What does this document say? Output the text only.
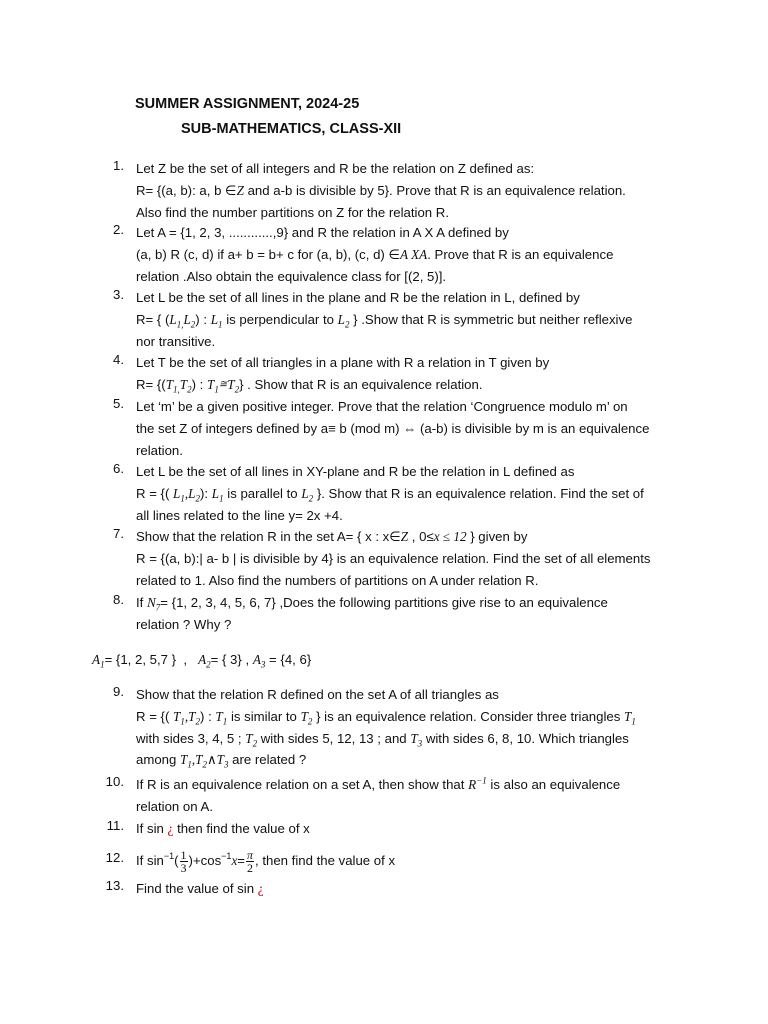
SUMMER ASSIGNMENT, 2024-25
SUB-MATHEMATICS, CLASS-XII
1. Let Z be the set of all integers and R be the relation on Z defined as:
R= {(a, b): a, b ∈Z and a-b is divisible by 5}. Prove that R is an equivalence relation.
Also find the number partitions on Z for the relation R.
2. Let A = {1, 2, 3, ............,9} and R the relation in A X A defined by
(a, b) R (c, d) if a+ b = b+ c for (a, b), (c, d) ∈A XA. Prove that R is an equivalence
relation .Also obtain the equivalence class for [(2, 5)].
3. Let L be the set of all lines in the plane and R be the relation in L, defined by
R= { $(L_{1,}L_2)$ : $L_1$ is perpendicular to $L_2$ } .Show that R is symmetric but neither reflexive
nor transitive.
4. Let T be the set of all triangles in a plane with R a relation in T given by
$R= \{(T_{1,}T_2)$ : $T_1≅T_2$} . Show that R is an equivalence relation.
5. Let ‘m’ be a given positive integer. Prove that the relation ‘Congruence modulo m’ on
the set Z of integers defined by a≡ b (mod m) ⇔ (a-b) is divisible by m is an equivalence
relation.
6. Let L be the set of all lines in XY-plane and R be the relation in L defined as
R = {( $L_1,L_2$): $L_1$ is parallel to $L_2$ }. Show that R is an equivalence relation. Find the set of
all lines related to the line y= 2x +4.
7. Show that the relation R in the set A= { x : x∈Z , 0≤x ≤ 12 } given by
R = {(a, b):| a- b | is divisible by 4} is an equivalence relation. Find the set of all elements
related to 1. Also find the numbers of partitions on A under relation R.
8. If $N_7= \{1$, 2, 3, 4, 5, 6, 7} ,Does the following partitions give rise to an equivalence
relation ? Why ?
$A_1= \{1$, 2, 5,7 } , $A_2=$ { 3} , $A_3 = \{4$, 6}
9. Show that the relation R defined on the set A of all triangles as
R = {( $T_1,T_2$) : $T_1$ is similar to $T_2$ } is an equivalence relation. Consider three triangles $T_1$
with sides 3, 4, 5 ; $T_2$ with sides 5, 12, 13 ; and $T_3$ with sides 6, 8, 10. Which triangles
among $T_1,T_2\wedge T_3$ are related ?
10. If R is an equivalence relation on a set A, then show that $R^{-1}$ is also an equivalence
relation on A.
11. If sin ¿ then find the value of x
12. If $\sin^{-1}( \frac{1}{3} )+\cos^{-1}x= \frac{\pi}{2}$ , then find the value of x
13. Find the value of sin ¿
